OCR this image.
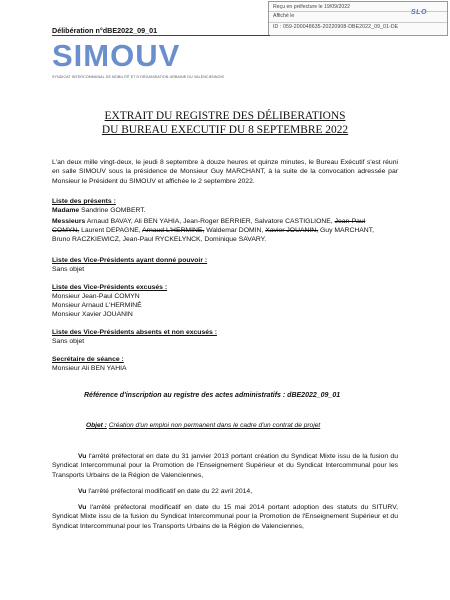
Reçu en préfecture le 19/09/2022
Affiché le	SLO
ID : 059-200048635-20220908-DBE2022_09_01-DE
Délibération n°dBE2022_09_01
SIMOUV
SYNDICAT INTERCOMMUNAL DE MOBILITÉ ET D'ORGANISATION URBAINE DU VALENCIENNOIS
EXTRAIT DU REGISTRE DES DÉLIBERATIONS
DU BUREAU EXECUTIF DU 8 SEPTEMBRE 2022
L'an deux mille vingt-deux, le jeudi 8 septembre à douze heures et quinze minutes, le Bureau Exécutif s'est réuni en salle SIMOUV sous la présidence de Monsieur Guy MARCHANT, à la suite de la convocation adressée par Monsieur le Président du SIMOUV et affichée le 2 septembre 2022.
Liste des présents :
Madame Sandrine GOMBERT.
Messieurs Arnaud BAVAY, Ali BEN YAHIA, Jean-Roger BERRIER, Salvatore CASTIGLIONE, Jean-Paul
COMYN, Laurent DEPAGNE, Arnaud L'HERMINE, Waldemar DOMIN, Xavier JOUANIN, Guy MARCHANT,
Bruno RACZKIEWICZ, Jean-Paul RYCKELYNCK, Dominique SAVARY.
Liste des Vice-Présidents ayant donné pouvoir :
Sans objet
Liste des Vice-Présidents excusés :
Monsieur Jean-Paul COMYN
Monsieur Arnaud L'HERMINÉ
Monsieur Xavier JOUANIN
Liste des Vice-Présidents absents et non excusés :
Sans objet
Secrétaire de séance :
Monsieur Ali BEN YAHIA
Référence d'inscription au registre des actes administratifs : dBE2022_09_01
Objet : Création d'un emploi non permanent dans le cadre d'un contrat de projet
Vu l'arrêté préfectoral en date du 31 janvier 2013 portant création du Syndicat Mixte issu de la fusion du Syndicat Intercommunal pour la Promotion de l'Enseignement Supérieur et du Syndicat Intercommunal pour les Transports Urbains de la Région de Valenciennes,
Vu l'arrêté préfectoral modificatif en date du 22 avril 2014,
Vu l'arrêté préfectoral modificatif en date du 15 mai 2014 portant adoption des statuts du SITURV, Syndicat Mixte issu de la fusion du Syndicat Intercommunal pour la Promotion de l'Enseignement Supérieur et du Syndicat Intercommunal pour les Transports Urbains de la Région de Valenciennes,
